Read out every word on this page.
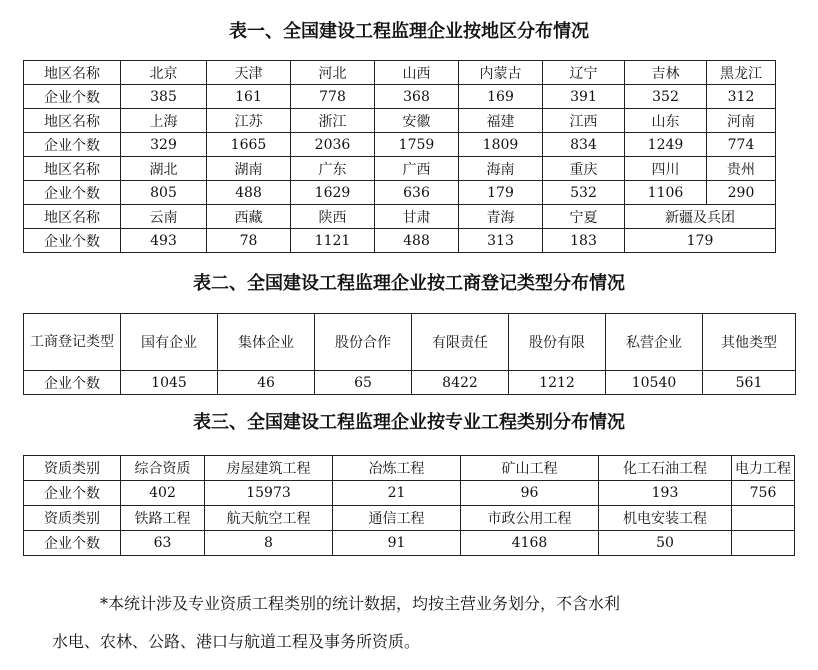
表一、全国建设工程监理企业按地区分布情况
地区名称	北京	天津	河北	山西	内蒙古	辽宁	吉林	黑龙江
企业个数	385	161	778	368	169	391	352	312
地区名称	上海	江苏	浙江	安徽	福建	江西	山东	河南
企业个数	329	1665	2036	1759	1809	834	1249	774
地区名称	湖北	湖南	广东	广西	海南	重庆	四川	贵州
企业个数	805	488	1629	636	179	532	1106	290
地区名称	云南	西藏	陕西	甘肃	青海	宁夏	新疆及兵团	
企业个数	493	78	1121	488	313	183	179	
表二、全国建设工程监理企业按工商登记类型分布情况
工商登记类型	国有企业	集体企业	股份合作	有限责任	股份有限	私营企业	其他类型
企业个数	1045	46	65	8422	1212	10540	561
表三、全国建设工程监理企业按专业工程类别分布情况
资质类别	综合资质	房屋建筑工程	冶炼工程	矿山工程	化工石油工程	电力工程
企业个数	402	15973	21	96	193	756
资质类别	铁路工程	航天航空工程	通信工程	市政公用工程	机电安装工程	
企业个数	63	8	91	4168	50	
*本统计涉及专业资质工程类别的统计数据，均按主营业务划分，不含水利
水电、农林、公路、港口与航道工程及事务所资质。
